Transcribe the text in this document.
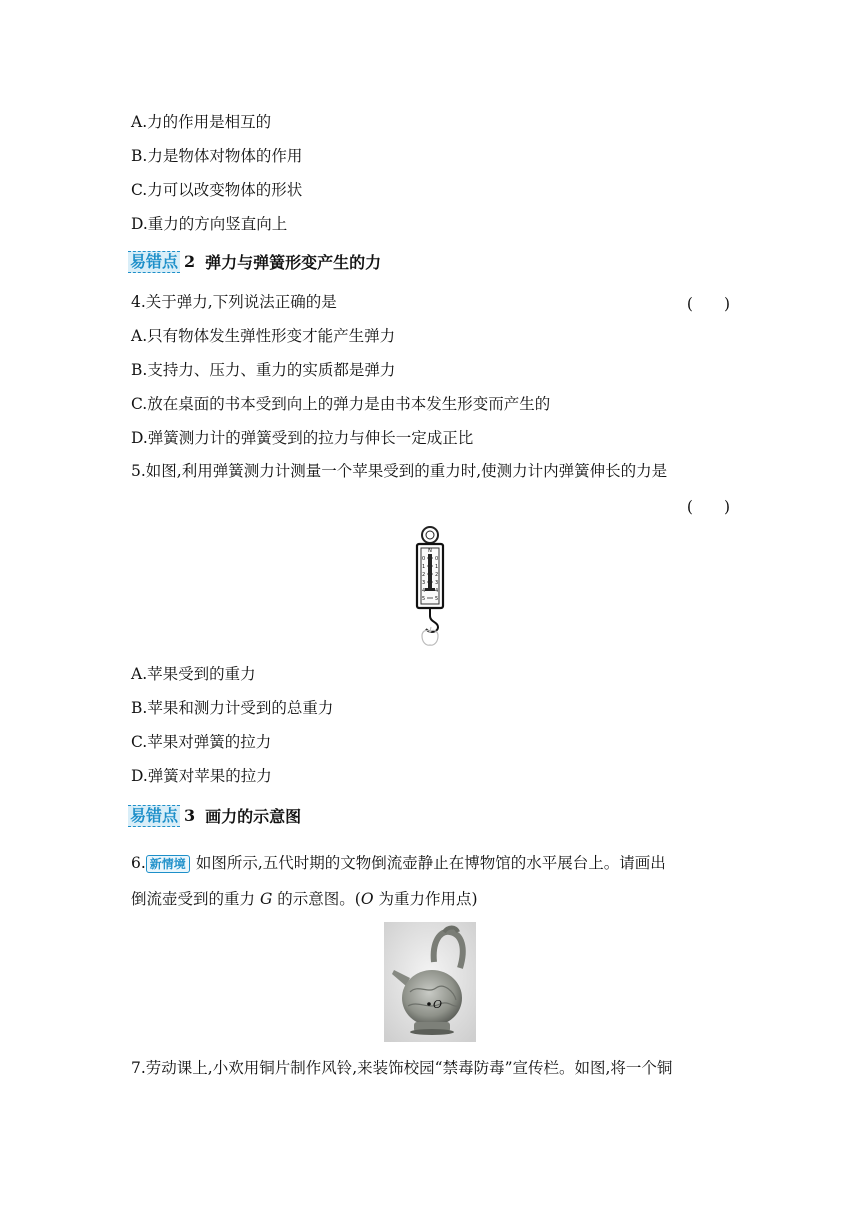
A.力的作用是相互的
B.力是物体对物体的作用
C.力可以改变物体的形状
D.重力的方向竖直向上
易错点 2 弹力与弹簧形变产生的力
4.关于弹力,下列说法正确的是	(　　)
A.只有物体发生弹性形变才能产生弹力
B.支持力、压力、重力的实质都是弹力
C.放在桌面的书本受到向上的弹力是由书本发生形变而产生的
D.弹簧测力计的弹簧受到的拉力与伸长一定成正比
5.如图,利用弹簧测力计测量一个苹果受到的重力时,使测力计内弹簧伸长的力是
(　　)
N
0
1
2
3
4
5
0
1
2
3
4
5
A.苹果受到的重力
B.苹果和测力计受到的总重力
C.苹果对弹簧的拉力
D.弹簧对苹果的拉力
易错点 3 画力的示意图
6. 新情境 如图所示,五代时期的文物倒流壶静止在博物馆的水平展台上。请画出
倒流壶受到的重力 G 的示意图。(O 为重力作用点)
O
7.劳动课上,小欢用铜片制作风铃,来装饰校园“禁毒防毒”宣传栏。如图,将一个铜
